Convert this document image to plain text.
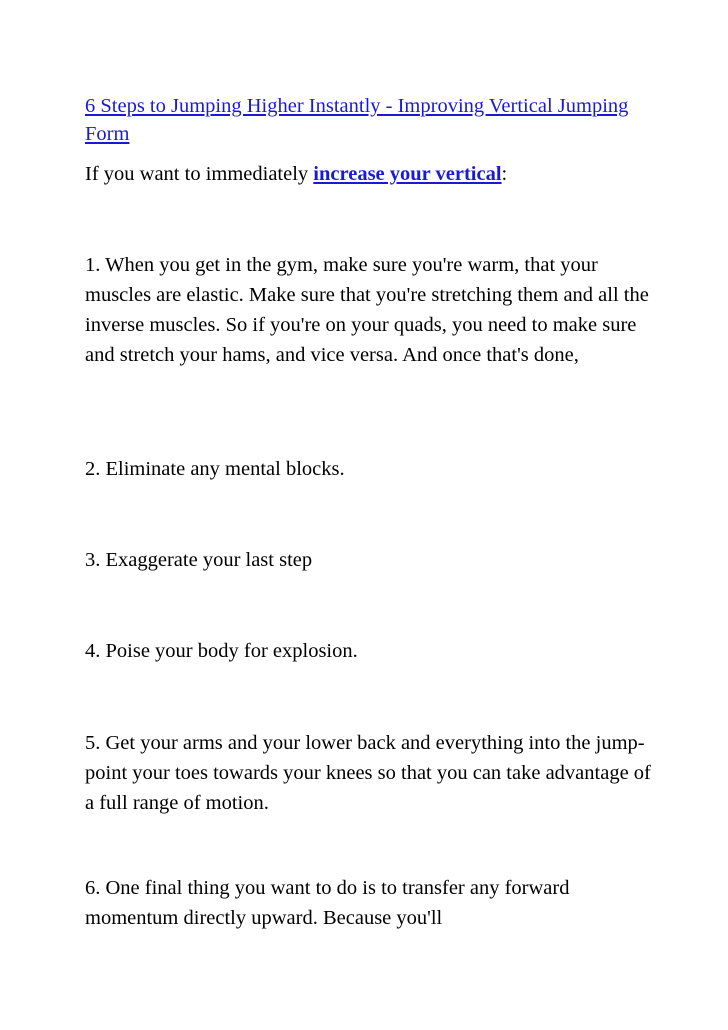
6 Steps to Jumping Higher Instantly - Improving Vertical Jumping Form
If you want to immediately increase your vertical:
1. When you get in the gym, make sure you're warm, that your muscles are elastic. Make sure that you're stretching them and all the inverse muscles. So if you're on your quads, you need to make sure and stretch your hams, and vice versa. And once that's done,
2. Eliminate any mental blocks.
3. Exaggerate your last step
4. Poise your body for explosion.
5. Get your arms and your lower back and everything into the jump-point your toes towards your knees so that you can take advantage of a full range of motion.
6. One final thing you want to do is to transfer any forward momentum directly upward. Because you'll
